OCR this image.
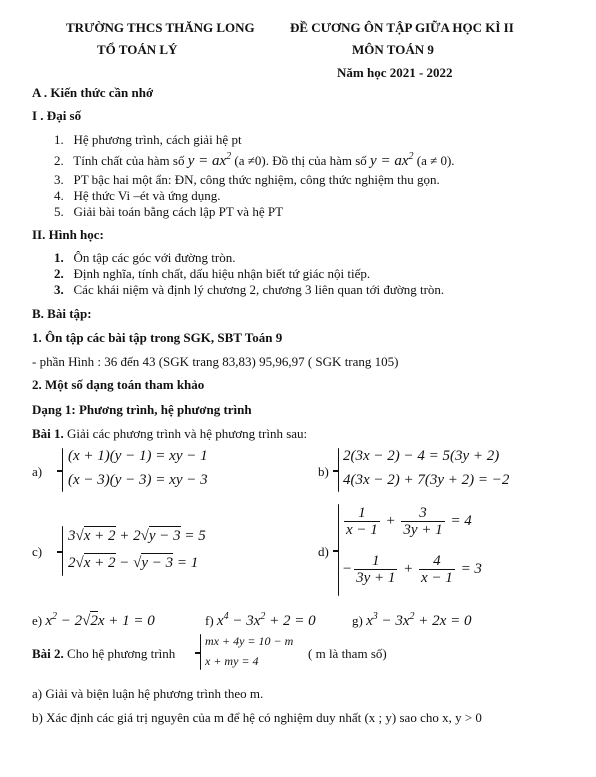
TRƯỜNG THCS THĂNG LONG
TỔ TOÁN LÝ
ĐỀ CƯƠNG ÔN TẬP GIỮA HỌC KÌ II
MÔN TOÁN 9
Năm học 2021 - 2022
A . Kiến thức cần nhớ
I . Đại số
1.   Hệ phương trình, cách giải hệ pt
2.   Tính chất của hàm số $y = ax^2$ (a ≠0). Đồ thị của hàm số $y = ax^2$ (a ≠ 0).
3.   PT bậc hai một ẩn: ĐN, công thức nghiệm, công thức nghiệm thu gọn.
4.   Hệ thức Vi –ét và ứng dụng.
5.   Giải bài toán bằng cách lập PT và hệ PT
II. Hình học:
1. Ôn tập các góc với đường tròn.
2. Định nghĩa, tính chất, dấu hiệu nhận biết tứ giác nội tiếp.
3. Các khái niệm và định lý chương 2, chương 3 liên quan tới đường tròn.
B. Bài tập:
1. Ôn tập các bài tập trong SGK, SBT Toán 9
- phần Hình : 36 đến 43 (SGK trang 83,83) 95,96,97 ( SGK trang 105)
2. Một số dạng toán tham khảo
Dạng 1: Phương trình, hệ phương trình
Bài 1. Giải các phương trình và hệ phương trình sau:
a)
(x + 1)(y − 1) = xy − 1
(x − 3)(y − 3) = xy − 3
b)
2(3x − 2) − 4 = 5(3y + 2)
4(3x − 2) + 7(3y + 2) = −2
c)
3√x + 2 + 2√y − 3 = 5
2√x + 2 − √y − 3 = 1
d)
$\frac{1}{x - 1} + \frac{3}{3y + 1} = 4$
− $\frac{1}{3y + 1} + \frac{4}{x - 1} = 3$
e) $x^2 - 2√2x + 1 = 0$	f) $x^4 - 3x^2 + 2 = 0$	g) $x^3 - 3x^2 + 2x = 0$
Bài 2. Cho hệ phương trình
mx + 4y = 10 − m
x + my = 4	( m là tham số)
a) Giải và biện luận hệ phương trình theo m.
b) Xác định các giá trị nguyên của m để hệ có nghiệm duy nhất (x ; y) sao cho x, y > 0
